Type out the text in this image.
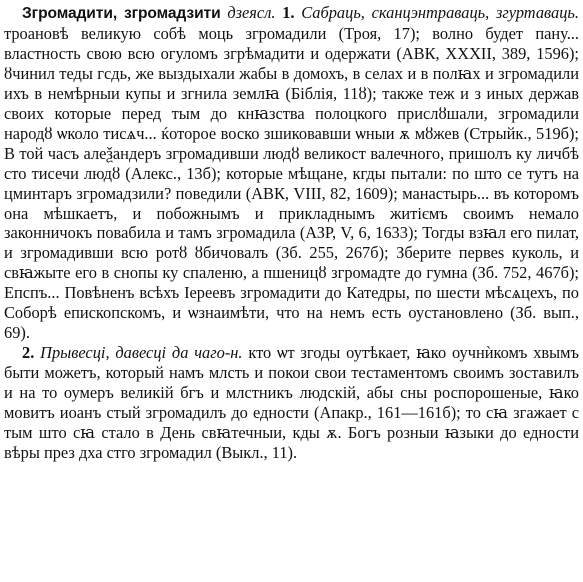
Згромадити, згромадзити дзеясл. 1. Сабраць, сканцэнтраваць, згуртаваць. троановѣ великую собѣ моць згромадили (Троя, 17); волно будет пану... властность свою всю огуломъ згрѣмадити и одержати (АВК, XXXII, 389, 1596); ȣчинил теды гсдь, же выздыхали жабы в домохъ, в селах и в полꙗх и згромадили ихъ в немѣрныи купы и згнила землꙗ (Біблія, 11ȣ); также теж и з иных держав своих которые перед тым до кнꙗзства полоцкого прислȣшали, згромадили народȣ ѡколо тисѧч... ќоторое воско зшиковавши ѡныи ѫ мȣжев (Стрыйк., 519б); В той часъ алеѯандеръ згромадивши людȣ великост валечного, пришолъ ку личбѣ сто тисечи людȣ (Алекс., 13б); которые мѣщане, кгды пытали: по што се тутъ на цминтаръ згромадзили? поведили (АВК, VIII, 82, 1609); манастырь... въ которомъ она мѣшкаетъ, и побожнымъ и прикладнымъ житіємъ своимъ немало законничокъ повабила и тамъ згромадила (АЗР, V, 6, 1633); Тогды взꙗл его пилат, и згромадивши всю ротȣ ȣбичовалъ (Зб. 255, 267б); Зберите первеѕ куколь, и свꙗжыте его в снопы ку спаленю, а пшеницȣ згромадте до гумна (Зб. 752, 467б); Епспъ... Повѣненъ всѣхъ Іереевъ згромадити до Катедры, по шести мѣсѧцехъ, по Соборѣ епископскомъ, и ѡзнаимѣти, что на немъ есть оустановлено (Зб. вып., 69).

2. Прывесці, давесці да чаго-н. кто ѡт згоды оутѣкает, ꙗко оучнѝкомъ хвымъ быти можетъ, который намъ млсть и покои свои тестаментомъ своимъ зоставилъ и на то оумеръ великій бгъ и млстникъ людскій, абы сны роспорошеные, ꙗко мовитъ иоанъ стый згромадилъ до едности (Апакр., 161—161б); то сꙗ згажает с тым што сꙗ стало в День свꙗтечныи, кды ѫ. Богъ розныи ꙗзыки до едности вѣры през дха стго згромадил (Выкл., 11).
